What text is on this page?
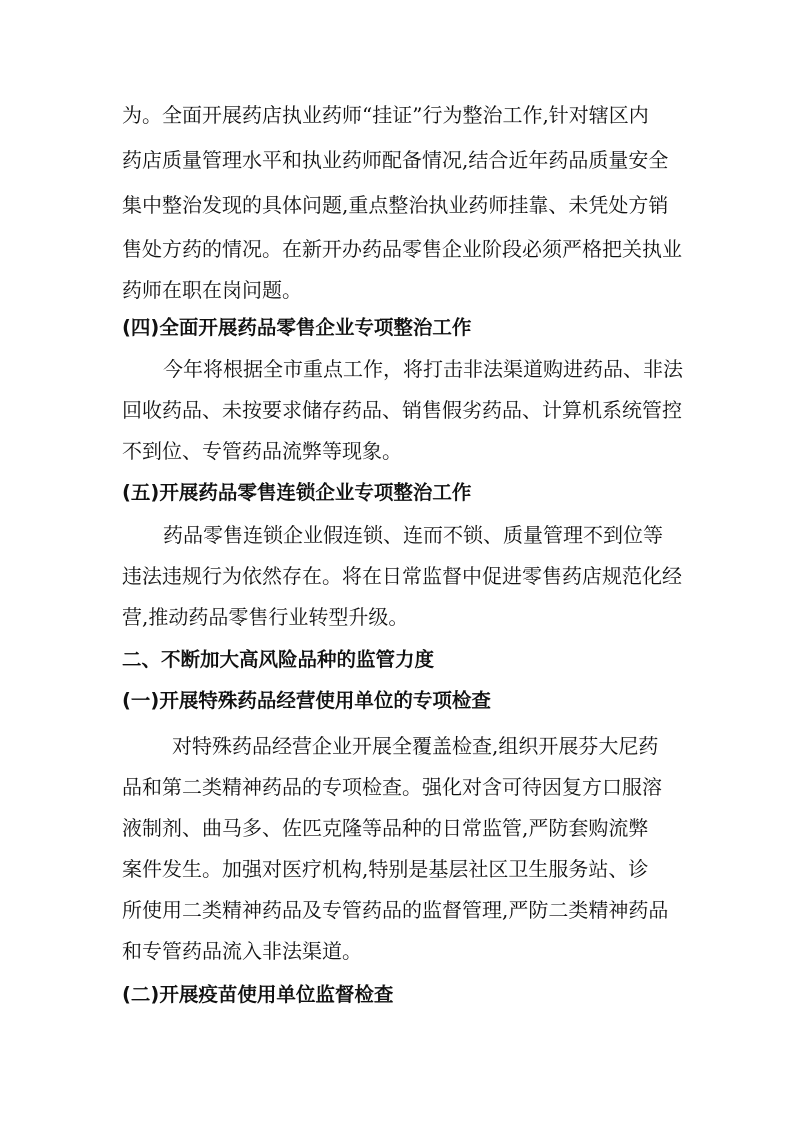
为。全面开展药店执业药师“挂证”行为整治工作,针对辖区内
药店质量管理水平和执业药师配备情况,结合近年药品质量安全
集中整治发现的具体问题,重点整治执业药师挂靠、未凭处方销
售处方药的情况。在新开办药品零售企业阶段必须严格把关执业
药师在职在岗问题。
(四)全面开展药品零售企业专项整治工作
今年将根据全市重点工作，将打击非法渠道购进药品、非法
回收药品、未按要求储存药品、销售假劣药品、计算机系统管控
不到位、专管药品流弊等现象。
(五)开展药品零售连锁企业专项整治工作
药品零售连锁企业假连锁、连而不锁、质量管理不到位等
违法违规行为依然存在。将在日常监督中促进零售药店规范化经
营,推动药品零售行业转型升级。
二、不断加大高风险品种的监管力度
(一)开展特殊药品经营使用单位的专项检查
对特殊药品经营企业开展全覆盖检查,组织开展芬大尼药
品和第二类精神药品的专项检查。强化对含可待因复方口服溶
液制剂、曲马多、佐匹克隆等品种的日常监管,严防套购流弊
案件发生。加强对医疗机构,特别是基层社区卫生服务站、诊
所使用二类精神药品及专管药品的监督管理,严防二类精神药品
和专管药品流入非法渠道。
(二)开展疫苗使用单位监督检查
